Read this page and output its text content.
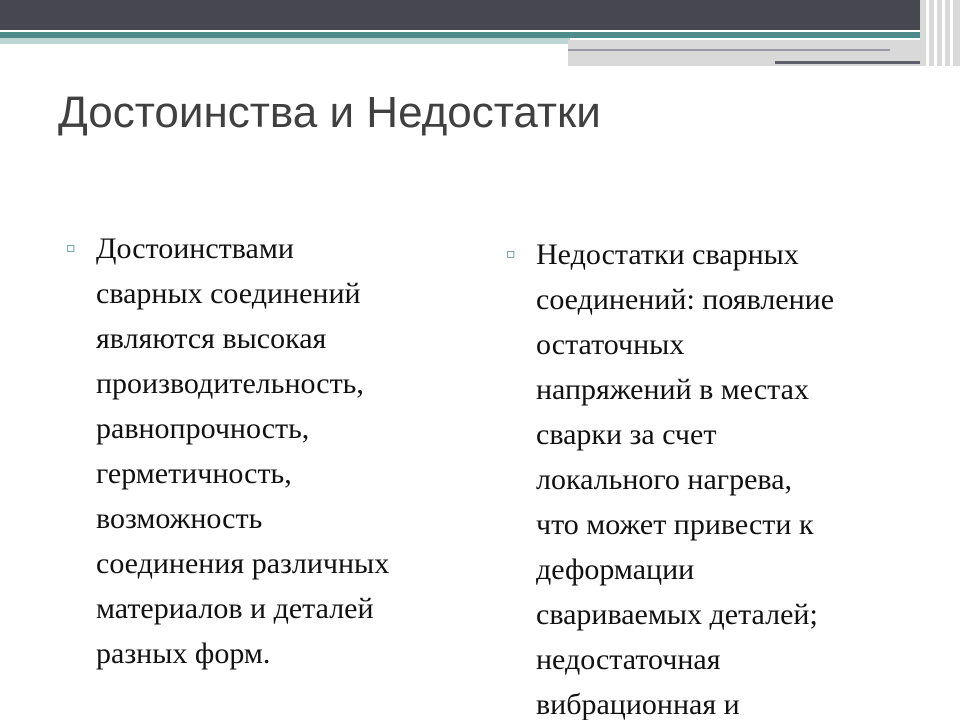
Достоинства и Недостатки
▫ Достоинствами
сварных соединений
являются высокая
производительность,
равнопрочность,
герметичность,
возможность
соединения различных
материалов и деталей
разных форм.
▫ Недостатки сварных
соединений: появление
остаточных
напряжений в местах
сварки за счет
локального нагрева,
что может привести к
деформации
свариваемых деталей;
недостаточная
вибрационная и
